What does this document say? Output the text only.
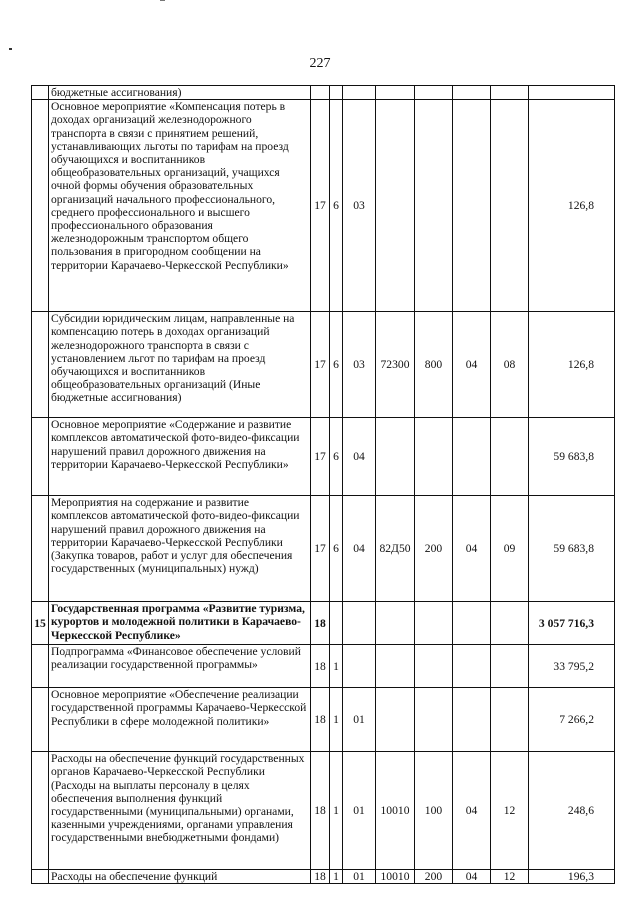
227
	бюджетные ассигнования)								
	Основное мероприятие «Компенсация потерь в доходах организаций железнодорожного транспорта в связи с принятием решений, устанавливающих льготы по тарифам на проезд обучающихся и воспитанников общеобразовательных организаций, учащихся очной формы обучения образовательных организаций начального профессионального, среднего профессионального и высшего профессионального образования железнодорожным транспортом общего пользования в пригородном сообщении на территории Карачаево-Черкесской Республики»	17	6	03					126,8
	Субсидии юридическим лицам, направленные на компенсацию потерь в доходах организаций железнодорожного транспорта в связи с установлением льгот по тарифам на проезд обучающихся и воспитанников общеобразовательных организаций (Иные бюджетные ассигнования)	17	6	03	72300	800	04	08	126,8
	Основное мероприятие «Содержание и развитие комплексов автоматической фото-видео-фиксации нарушений правил дорожного движения на территории Карачаево-Черкесской Республики»	17	6	04					59 683,8
	Мероприятия на содержание и развитие комплексов автоматической фото-видео-фиксации нарушений правил дорожного движения на территории Карачаево-Черкесской Республики (Закупка товаров, работ и услуг для обеспечения государственных (муниципальных) нужд)	17	6	04	82Д50	200	04	09	59 683,8
15	Государственная программа «Развитие туризма, курортов и молодежной политики в Карачаево-Черкесской Республике»	18							3 057 716,3
	Подпрограмма «Финансовое обеспечение условий реализации государственной программы»	18	1						33 795,2
	Основное мероприятие «Обеспечение реализации государственной программы Карачаево-Черкесской Республики в сфере молодежной политики»	18	1	01					7 266,2
	Расходы на обеспечение функций государственных органов Карачаево-Черкесской Республики (Расходы на выплаты персоналу в целях обеспечения выполнения функций государственными (муниципальными) органами, казенными учреждениями, органами управления государственными внебюджетными фондами)	18	1	01	10010	100	04	12	248,6
	Расходы на обеспечение функций	18	1	01	10010	200	04	12	196,3
